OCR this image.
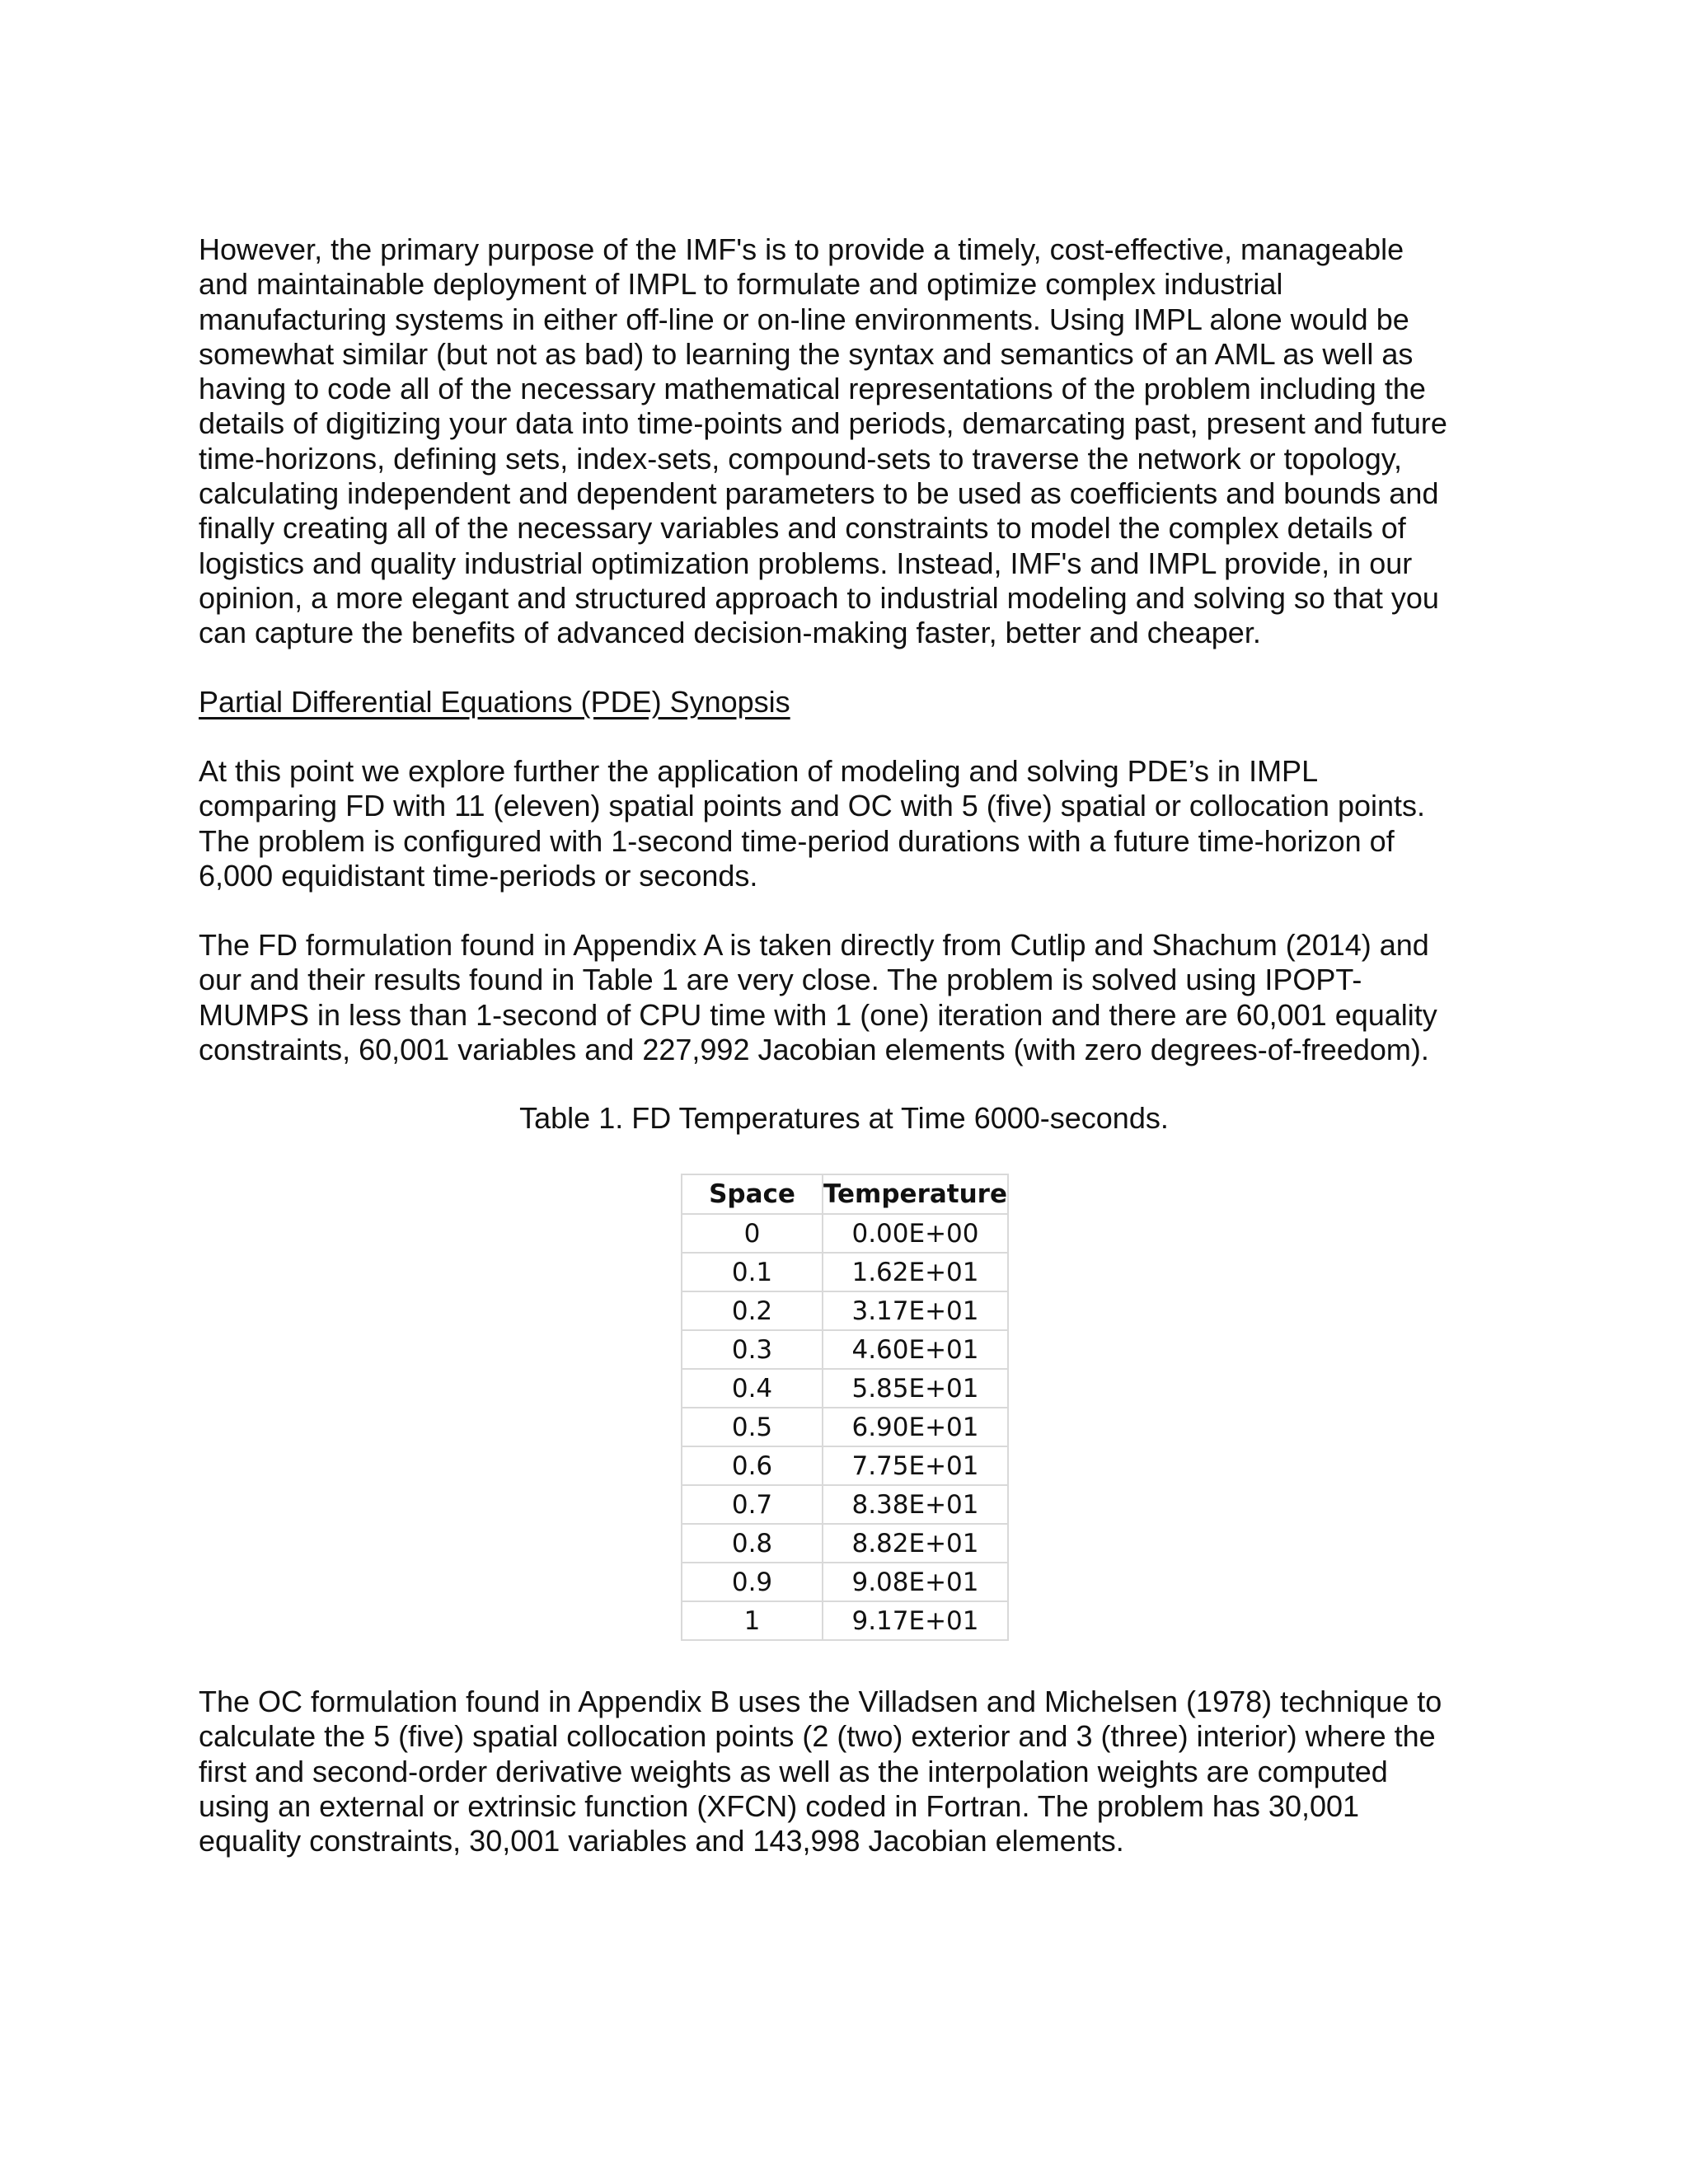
However, the primary purpose of the IMF's is to provide a timely, cost-effective, manageable
and maintainable deployment of IMPL to formulate and optimize complex industrial
manufacturing systems in either off-line or on-line environments. Using IMPL alone would be
somewhat similar (but not as bad) to learning the syntax and semantics of an AML as well as
having to code all of the necessary mathematical representations of the problem including the
details of digitizing your data into time-points and periods, demarcating past, present and future
time-horizons, defining sets, index-sets, compound-sets to traverse the network or topology,
calculating independent and dependent parameters to be used as coefficients and bounds and
finally creating all of the necessary variables and constraints to model the complex details of
logistics and quality industrial optimization problems. Instead, IMF's and IMPL provide, in our
opinion, a more elegant and structured approach to industrial modeling and solving so that you
can capture the benefits of advanced decision-making faster, better and cheaper.
Partial Differential Equations (PDE) Synopsis
At this point we explore further the application of modeling and solving PDE’s in IMPL
comparing FD with 11 (eleven) spatial points and OC with 5 (five) spatial or collocation points.
The problem is configured with 1-second time-period durations with a future time-horizon of
6,000 equidistant time-periods or seconds.
The FD formulation found in Appendix A is taken directly from Cutlip and Shachum (2014) and
our and their results found in Table 1 are very close. The problem is solved using IPOPT-
MUMPS in less than 1-second of CPU time with 1 (one) iteration and there are 60,001 equality
constraints, 60,001 variables and 227,992 Jacobian elements (with zero degrees-of-freedom).
Table 1. FD Temperatures at Time 6000-seconds.
Space	Temperature
0	0.00E+00
0.1	1.62E+01
0.2	3.17E+01
0.3	4.60E+01
0.4	5.85E+01
0.5	6.90E+01
0.6	7.75E+01
0.7	8.38E+01
0.8	8.82E+01
0.9	9.08E+01
1	9.17E+01
The OC formulation found in Appendix B uses the Villadsen and Michelsen (1978) technique to
calculate the 5 (five) spatial collocation points (2 (two) exterior and 3 (three) interior) where the
first and second-order derivative weights as well as the interpolation weights are computed
using an external or extrinsic function (XFCN) coded in Fortran. The problem has 30,001
equality constraints, 30,001 variables and 143,998 Jacobian elements.
